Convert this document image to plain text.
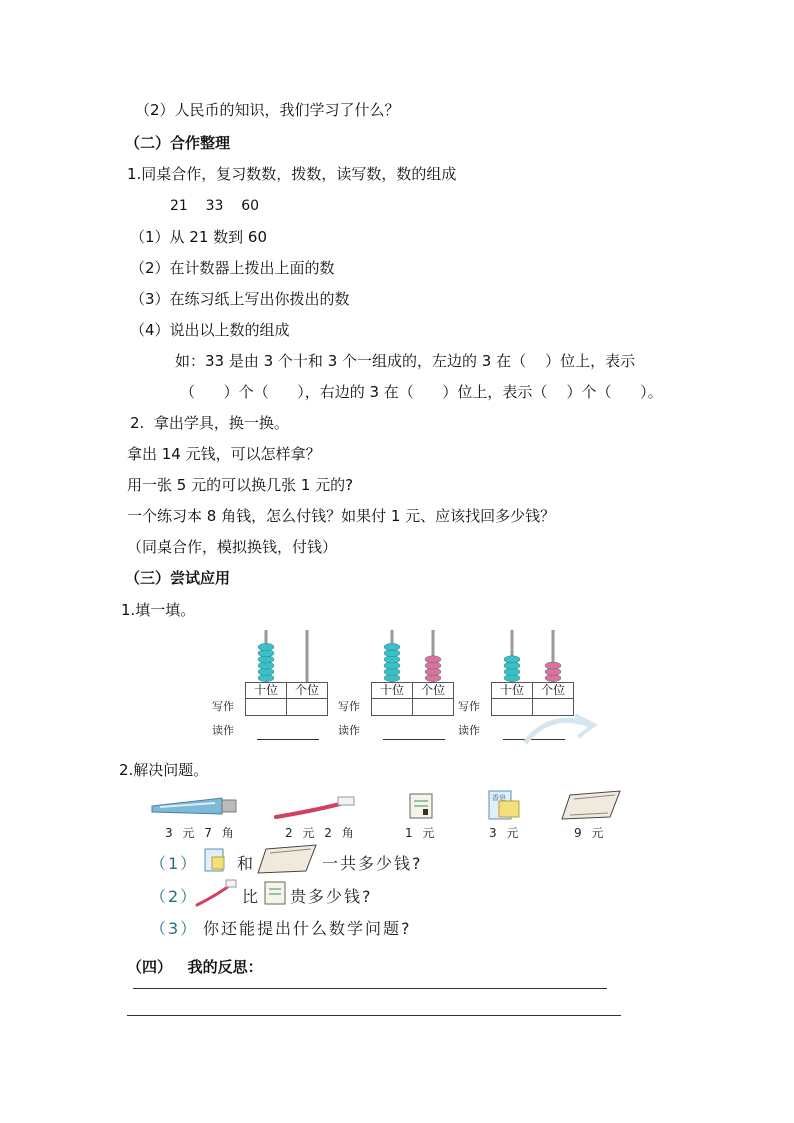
（2）人民币的知识，我们学习了什么？
（二）合作整理
1.同桌合作，复习数数，拨数，读写数，数的组成
21    33    60
（1）从 21 数到 60
（2）在计数器上拨出上面的数
（3）在练习纸上写出你拨出的数
（4）说出以上数的组成
如：33 是由 3 个十和 3 个一组成的，左边的 3 在（    ）位上，表示
（      ）个（      ），右边的 3 在（      ）位上，表示（    ）个（      ）。
2.  拿出学具，换一换。
拿出 14 元钱，可以怎样拿？
用一张 5 元的可以换几张 1 元的?
一个练习本 8 角钱，怎么付钱？如果付 1 元、应该找回多少钱？
（同桌合作，模拟换钱，付钱）
（三）尝试应用
1.填一填。
十位	个位
写作
读作
十位	个位
写作
读作
十位	个位
写作
读作
2.解决问题。
香皂
3 元 7 角	2 元 2 角	1 元	3 元	9 元
（1） 和	一共多少钱?
（2）	比 贵多少钱?
（3） 你还能提出什么数学问题?
（四）   我的反思：
